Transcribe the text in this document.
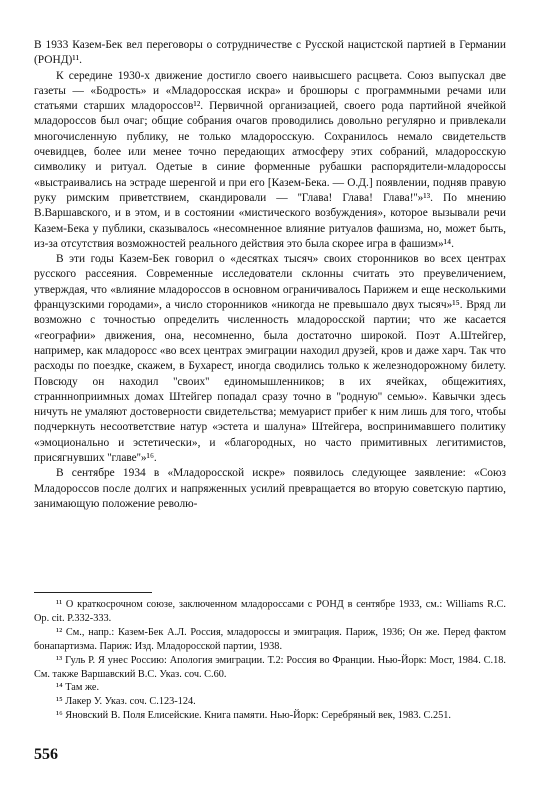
В 1933 Казем-Бек вел переговоры о сотрудничестве с Русской нацистской партией в Германии (РОНД)¹¹.

К середине 1930-х движение достигло своего наивысшего расцвета. Союз выпускал две газеты — «Бодрость» и «Младоросская искра» и брошюры с программными речами или статьями старших младороссов¹². Первичной организацией, своего рода партийной ячейкой младороссов был очаг; общие собрания очагов проводились довольно регулярно и привлекали многочисленную публику, не только младоросскую. Сохранилось немало свидетельств очевидцев, более или менее точно передающих атмосферу этих собраний, младоросскую символику и ритуал. Одетые в синие форменные рубашки распорядители-младороссы «выстраивались на эстраде шеренгой и при его [Казем-Бека. — О.Д.] появлении, подняв правую руку римским приветствием, скандировали — ''Глава! Глава! Глава!''»¹³. По мнению В.Варшавского, и в этом, и в состоянии «мистического возбуждения», которое вызывали речи Казем-Бека у публики, сказывалось «несомненное влияние ритуалов фашизма, но, может быть, из-за отсутствия возможностей реального действия это была скорее игра в фашизм»¹⁴.

В эти годы Казем-Бек говорил о «десятках тысяч» своих сторонников во всех центрах русского рассеяния. Современные исследователи склонны считать это преувеличением, утверждая, что «влияние младороссов в основном ограничивалось Парижем и еще несколькими французскими городами», а число сторонников «никогда не превышало двух тысяч»¹⁵. Вряд ли возможно с точностью определить численность младоросской партии; что же касается «географии» движения, она, несомненно, была достаточно широкой. Поэт А.Штейгер, например, как младоросс «во всех центрах эмиграции находил друзей, кров и даже харч. Так что расходы по поездке, скажем, в Бухарест, иногда сводились только к железнодорожному билету. Повсюду он находил ''своих'' единомышленников; в их ячейках, общежитиях, страннноприимных домах Штейгер попадал сразу точно в ''родную'' семью». Кавычки здесь ничуть не умаляют достоверности свидетельства; мемуарист прибег к ним лишь для того, чтобы подчеркнуть несоответствие натур «эстета и шалуна» Штейгера, воспринимавшего политику «эмоционально и эстетически», и «благородных, но часто примитивных легитимистов, присягнувших ''главе''»¹⁶.

В сентябре 1934 в «Младоросской искре» появилось следующее заявление: «Союз Младороссов после долгих и напряженных усилий превращается во вторую советскую партию, занимающую положение револю-

¹¹ О краткосрочном союзе, заключенном младороссами с РОНД в сентябре 1933, см.: Williams R.C. Op. cit. P.332-333.

¹² См., напр.: Казем-Бек А.Л. Россия, младороссы и эмиграция. Париж, 1936; Он же. Перед фактом бонапартизма. Париж: Изд. Младоросской партии, 1938.

¹³ Гуль Р. Я унес Россию: Апология эмиграции. Т.2: Россия во Франции. Нью-Йорк: Мост, 1984. С.18. См. также Варшавский В.С. Указ. соч. С.60.

¹⁴ Там же.

¹⁵ Лакер У. Указ. соч. С.123-124.

¹⁶ Яновский В. Поля Елисейские. Книга памяти. Нью-Йорк: Серебряный век, 1983. С.251.

556
